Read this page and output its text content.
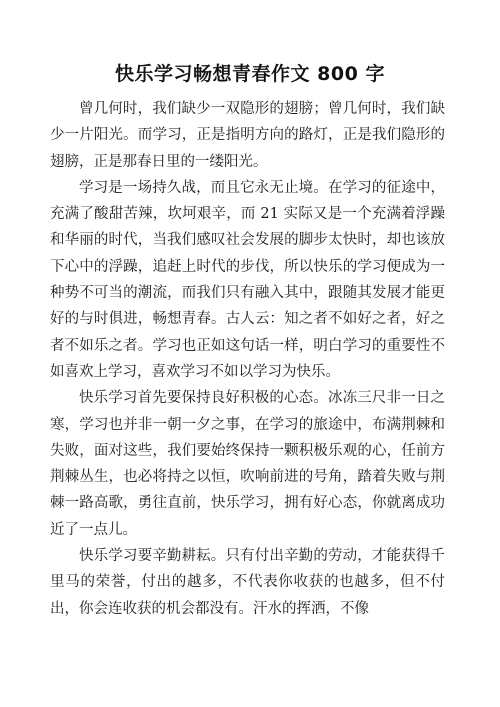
快乐学习畅想青春作文 800 字

曾几何时，我们缺少一双隐形的翅膀；曾几何时，我们缺少一片阳光。而学习，正是指明方向的路灯，正是我们隐形的翅膀，正是那春日里的一缕阳光。

学习是一场持久战，而且它永无止境。在学习的征途中，充满了酸甜苦辣，坎坷艰辛，而 21 实际又是一个充满着浮躁和华丽的时代，当我们感叹社会发展的脚步太快时，却也该放下心中的浮躁，追赶上时代的步伐，所以快乐的学习便成为一种势不可当的潮流，而我们只有融入其中，跟随其发展才能更好的与时俱进，畅想青春。古人云：知之者不如好之者，好之者不如乐之者。学习也正如这句话一样，明白学习的重要性不如喜欢上学习，喜欢学习不如以学习为快乐。

快乐学习首先要保持良好积极的心态。冰冻三尺非一日之寒，学习也并非一朝一夕之事，在学习的旅途中，布满荆棘和失败，面对这些，我们要始终保持一颗积极乐观的心，任前方荆棘丛生，也必将持之以恒，吹响前进的号角，踏着失败与荆棘一路高歌，勇往直前，快乐学习，拥有好心态，你就离成功近了一点儿。

快乐学习要辛勤耕耘。只有付出辛勤的劳动，才能获得千里马的荣誉，付出的越多，不代表你收获的也越多，但不付出，你会连收获的机会都没有。汗水的挥洒，不像
